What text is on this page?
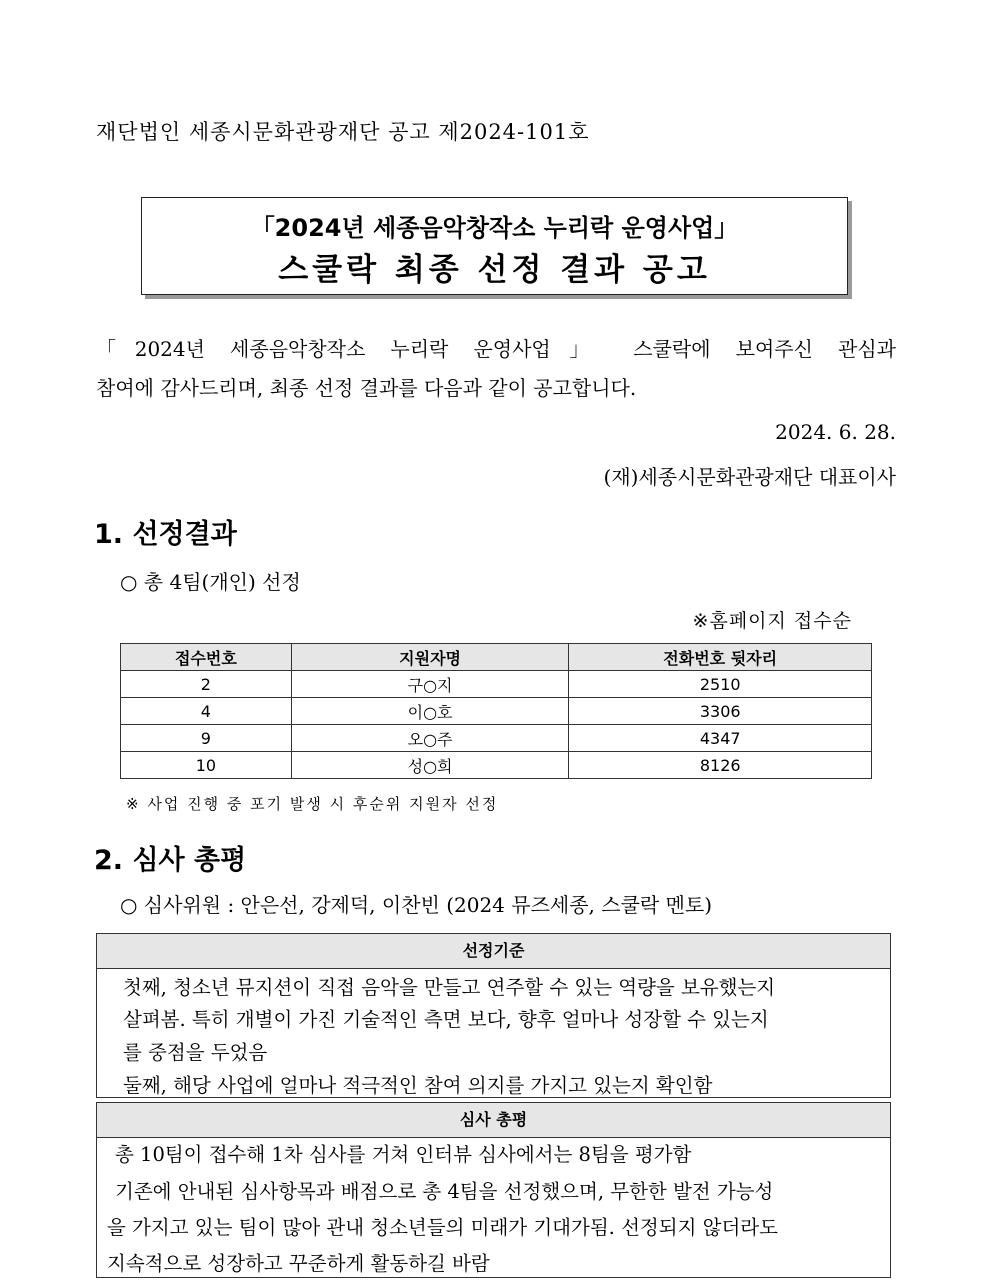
재단법인 세종시문화관광재단 공고 제2024-101호
「2024년 세종음악창작소 누리락 운영사업」
스쿨락 최종 선정 결과 공고
「2024년 세종음악창작소 누리락 운영사업」 스쿨락에 보여주신 관심과
참여에 감사드리며, 최종 선정 결과를 다음과 같이 공고합니다.
2024. 6. 28.
(재)세종시문화관광재단 대표이사
1. 선정결과
○ 총 4팀(개인) 선정
※홈페이지 접수순
접수번호	지원자명	전화번호 뒷자리
2	구○지	2510
4	이○호	3306
9	오○주	4347
10	성○희	8126
※ 사업 진행 중 포기 발생 시 후순위 지원자 선정
2. 심사 총평
○ 심사위원 : 안은선, 강제덕, 이찬빈 (2024 뮤즈세종, 스쿨락 멘토)
선정기준
첫째, 청소년 뮤지션이 직접 음악을 만들고 연주할 수 있는 역량을 보유했는지
살펴봄. 특히 개별이 가진 기술적인 측면 보다, 향후 얼마나 성장할 수 있는지
를 중점을 두었음
둘째, 해당 사업에 얼마나 적극적인 참여 의지를 가지고 있는지 확인함
심사 총평
총 10팀이 접수해 1차 심사를 거쳐 인터뷰 심사에서는 8팀을 평가함
기존에 안내된 심사항목과 배점으로 총 4팀을 선정했으며, 무한한 발전 가능성
을 가지고 있는 팀이 많아 관내 청소년들의 미래가 기대가됨. 선정되지 않더라도
지속적으로 성장하고 꾸준하게 활동하길 바람
